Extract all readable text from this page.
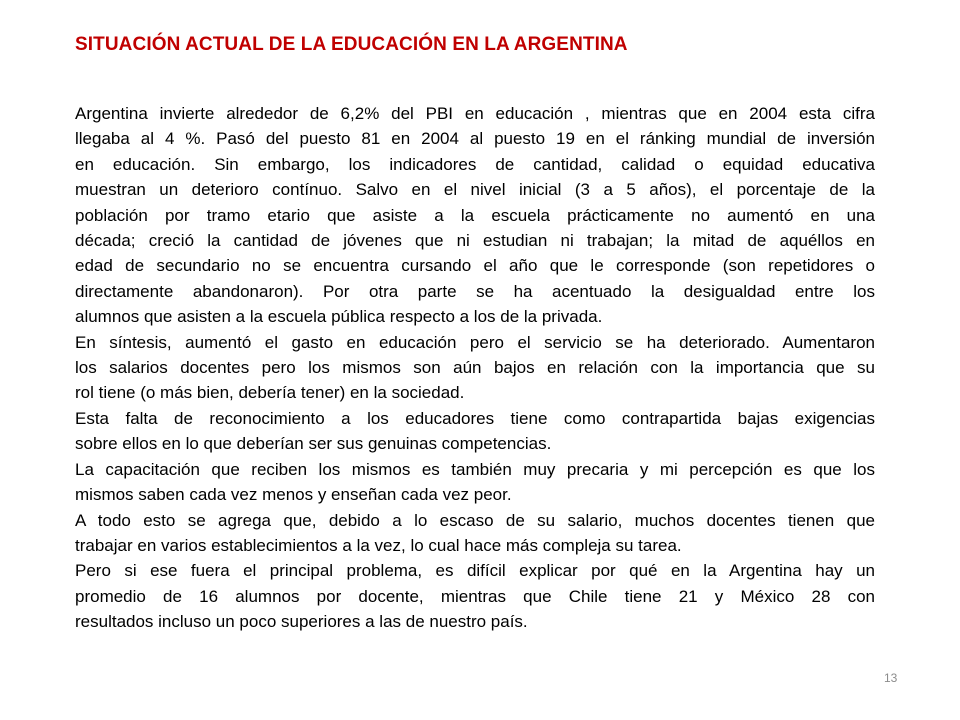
SITUACIÓN ACTUAL DE LA EDUCACIÓN EN LA ARGENTINA
Argentina invierte alrededor de 6,2% del PBI en educación , mientras que en 2004 esta cifra
llegaba al 4 %. Pasó del puesto 81 en 2004 al puesto 19 en el ránking mundial de inversión
en educación. Sin embargo, los indicadores de cantidad, calidad o equidad educativa
muestran un deterioro contínuo. Salvo en el nivel inicial (3 a 5 años), el porcentaje de la
población por tramo etario que asiste a la escuela prácticamente no aumentó en una
década; creció la cantidad de jóvenes que ni estudian ni trabajan; la mitad de aquéllos en
edad de secundario no se encuentra cursando el año que le corresponde (son repetidores o
directamente abandonaron). Por otra parte se ha acentuado la desigualdad entre los
alumnos que asisten a la escuela pública respecto a los de la privada.
En síntesis, aumentó el gasto en educación pero el servicio se ha deteriorado. Aumentaron
los salarios docentes pero los mismos son aún bajos en relación con la importancia que su
rol tiene (o más bien, debería tener) en la sociedad.
Esta falta de reconocimiento a los educadores tiene como contrapartida bajas exigencias
sobre ellos en lo que deberían ser sus genuinas competencias.
La capacitación que reciben los mismos es también muy precaria y mi percepción es que los
mismos saben cada vez menos y enseñan cada vez peor.
A todo esto se agrega que, debido a lo escaso de su salario, muchos docentes tienen que
trabajar en varios establecimientos a la vez, lo cual hace más compleja su tarea.
Pero si ese fuera el principal problema, es difícil explicar por qué en la Argentina hay un
promedio de 16 alumnos por docente, mientras que Chile tiene 21 y México 28 con
resultados incluso un poco superiores a las de nuestro país.
13
